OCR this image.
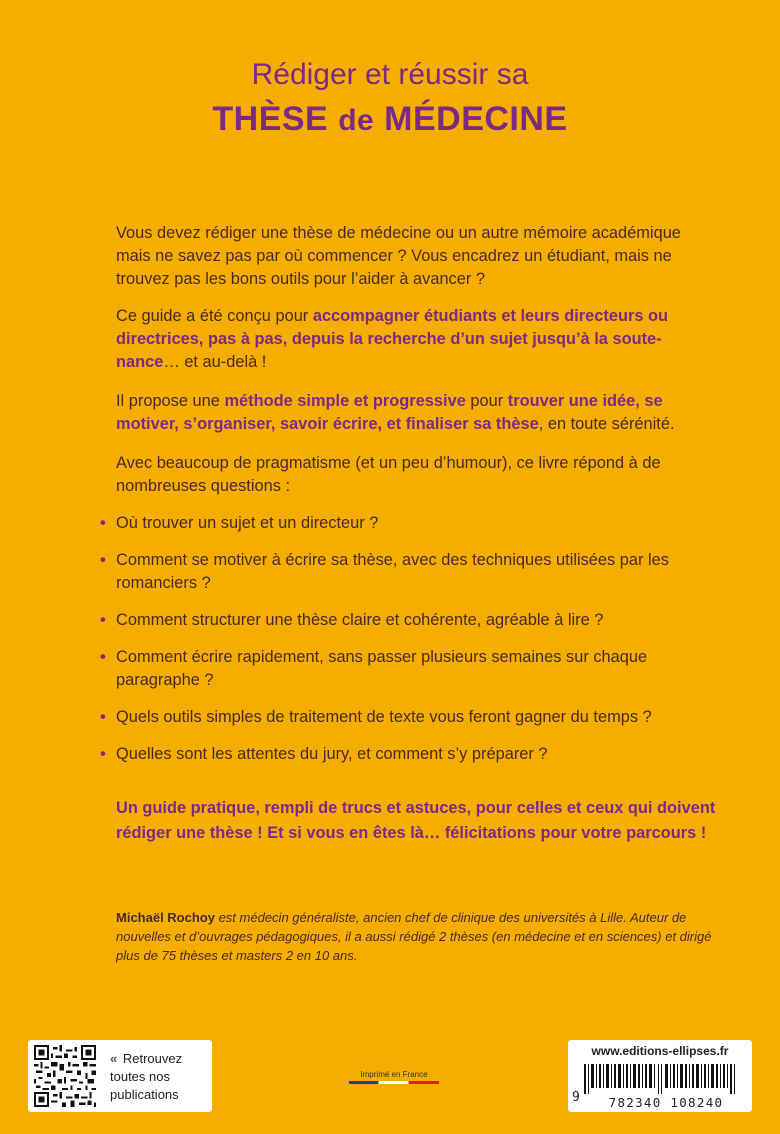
Rédiger et réussir sa
THÈSE de MÉDECINE

Vous devez rédiger une thèse de médecine ou un autre mémoire académique mais ne savez pas par où commencer ? Vous encadrez un étudiant, mais ne trouvez pas les bons outils pour l’aider à avancer ?

Ce guide a été conçu pour accompagner étudiants et leurs directeurs ou directrices, pas à pas, depuis la recherche d’un sujet jusqu’à la soute-nance… et au-delà !

Il propose une méthode simple et progressive pour trouver une idée, se motiver, s’organiser, savoir écrire, et finaliser sa thèse, en toute sérénité.

Avec beaucoup de pragmatisme (et un peu d’humour), ce livre répond à de nombreuses questions :

• Où trouver un sujet et un directeur ?
• Comment se motiver à écrire sa thèse, avec des techniques utilisées par les romanciers ?
• Comment structurer une thèse claire et cohérente, agréable à lire ?
• Comment écrire rapidement, sans passer plusieurs semaines sur chaque paragraphe ?
• Quels outils simples de traitement de texte vous feront gagner du temps ?
• Quelles sont les attentes du jury, et comment s’y préparer ?

Un guide pratique, rempli de trucs et astuces, pour celles et ceux qui doivent rédiger une thèse ! Et si vous en êtes là… félicitations pour votre parcours !

Michaël Rochoy est médecin généraliste, ancien chef de clinique des universités à Lille. Auteur de nouvelles et d’ouvrages pédagogiques, il a aussi rédigé 2 thèses (en médecine et en sciences) et dirigé plus de 75 thèses et masters 2 en 10 ans.

« Retrouvez
toutes nos
publications
Imprimé en France
www.editions-ellipses.fr
9	782340 108240
